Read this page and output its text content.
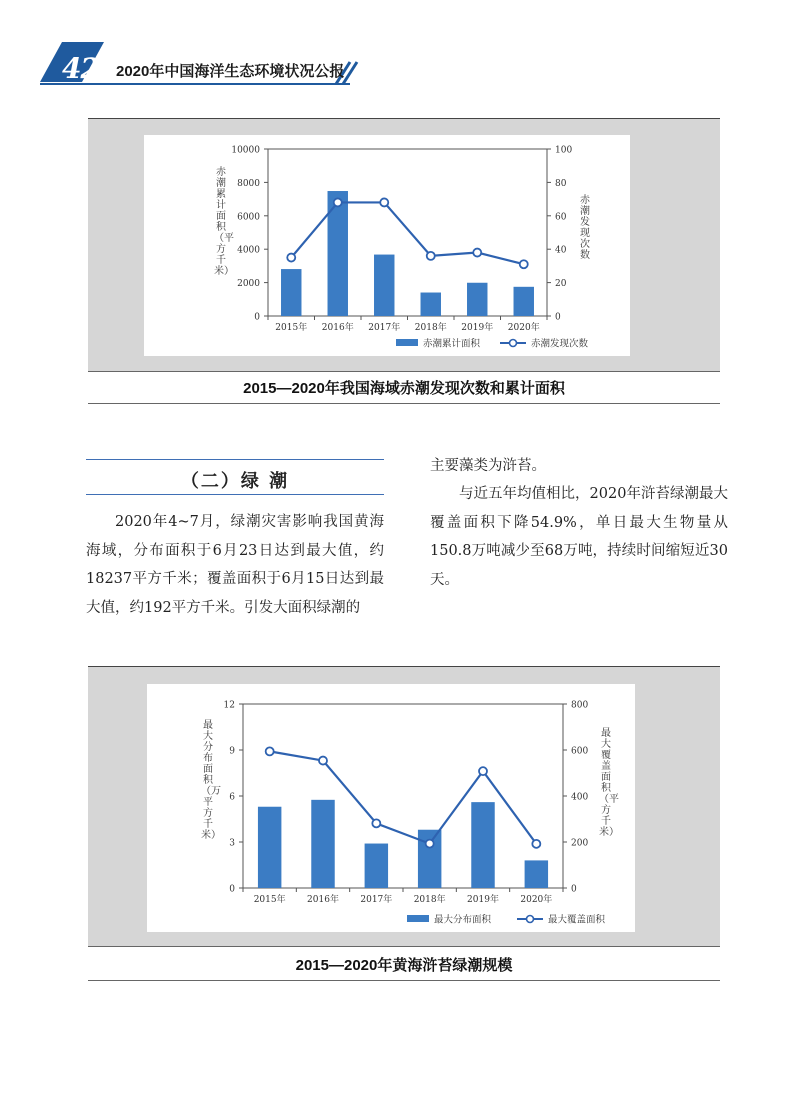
42 2020年中国海洋生态环境状况公报
0
2000
4000
6000
8000
10000
0
20
40
60
80
100
2015年 2016年 2017年 2018年 2019年 2020年
赤潮累计面积	赤潮发现次数
赤潮累计面积（平方千米）
赤潮发现次数
2015—2020年我国海域赤潮发现次数和累计面积
（二）绿 潮

2020年4~7月，绿潮灾害影响我国黄海海域，分布面积于6月23日达到最大值，约18237平方千米；覆盖面积于6月15日达到最大值，约192平方千米。引发大面积绿潮的

主要藻类为浒苔。

与近五年均值相比，2020年浒苔绿潮最大覆盖面积下降54.9%，单日最大生物量从150.8万吨减少至68万吨，持续时间缩短近30天。

0
3
6
9
12
0
200
400
600
800
2015年 2016年 2017年 2018年 2019年 2020年
最大分布面积	最大覆盖面积
最大分布面积（万平方千米）
最大覆盖面积（平方千米）
2015—2020年黄海浒苔绿潮规模
